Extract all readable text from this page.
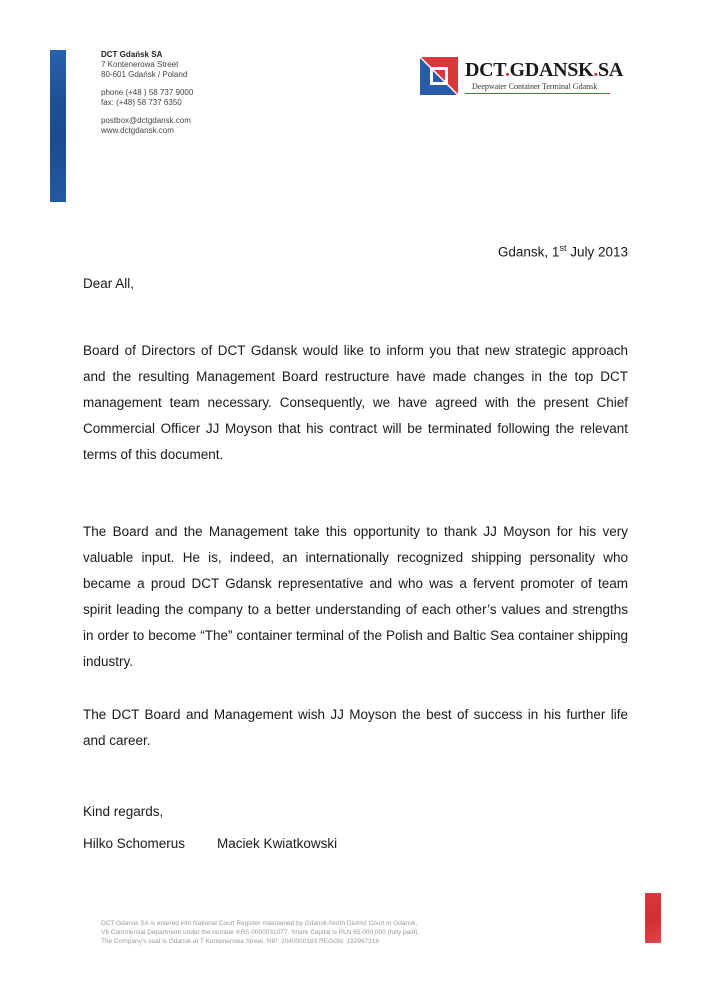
DCT Gdańsk SA
7 Kontenerowa Street
80-601 Gdańsk / Poland
phone (+48 ) 58 737 9000
fax: (+48) 58 737 6350
postbox@dctgdansk.com
www.dctgdansk.com
DCT.GDANSK.SA
Deepwater Container Terminal Gdansk
Gdansk, 1st July 2013
Dear All,
Board of Directors of DCT Gdansk would like to inform you that new strategic approach and the resulting Management Board restructure have made changes in the top DCT management team necessary. Consequently, we have agreed with the present Chief Commercial Officer JJ Moyson that his contract will be terminated following the relevant terms of this document.
The Board and the Management take this opportunity to thank JJ Moyson for his very valuable input. He is, indeed, an internationally recognized shipping personality who became a proud DCT Gdansk representative and who was a fervent promoter of team spirit leading the company to a better understanding of each other’s values and strengths in order to become “The” container terminal of the Polish and Baltic Sea container shipping industry.
The DCT Board and Management wish JJ Moyson the best of success in his further life and career.
Kind regards,
Hilko Schomerus Maciek Kwiatkowski
DCT Gdansk SA is entered into National Court Register maintained by Gdansk-North District Court in Gdansk,
VII Commercial Department under the number KRS 0000031077. Share Capital is PLN 65,000,000 (fully paid).
The Company's seat is Gdansk at 7 Kontenerowa Street. NIP: 2040000183 REGON: 192967316
